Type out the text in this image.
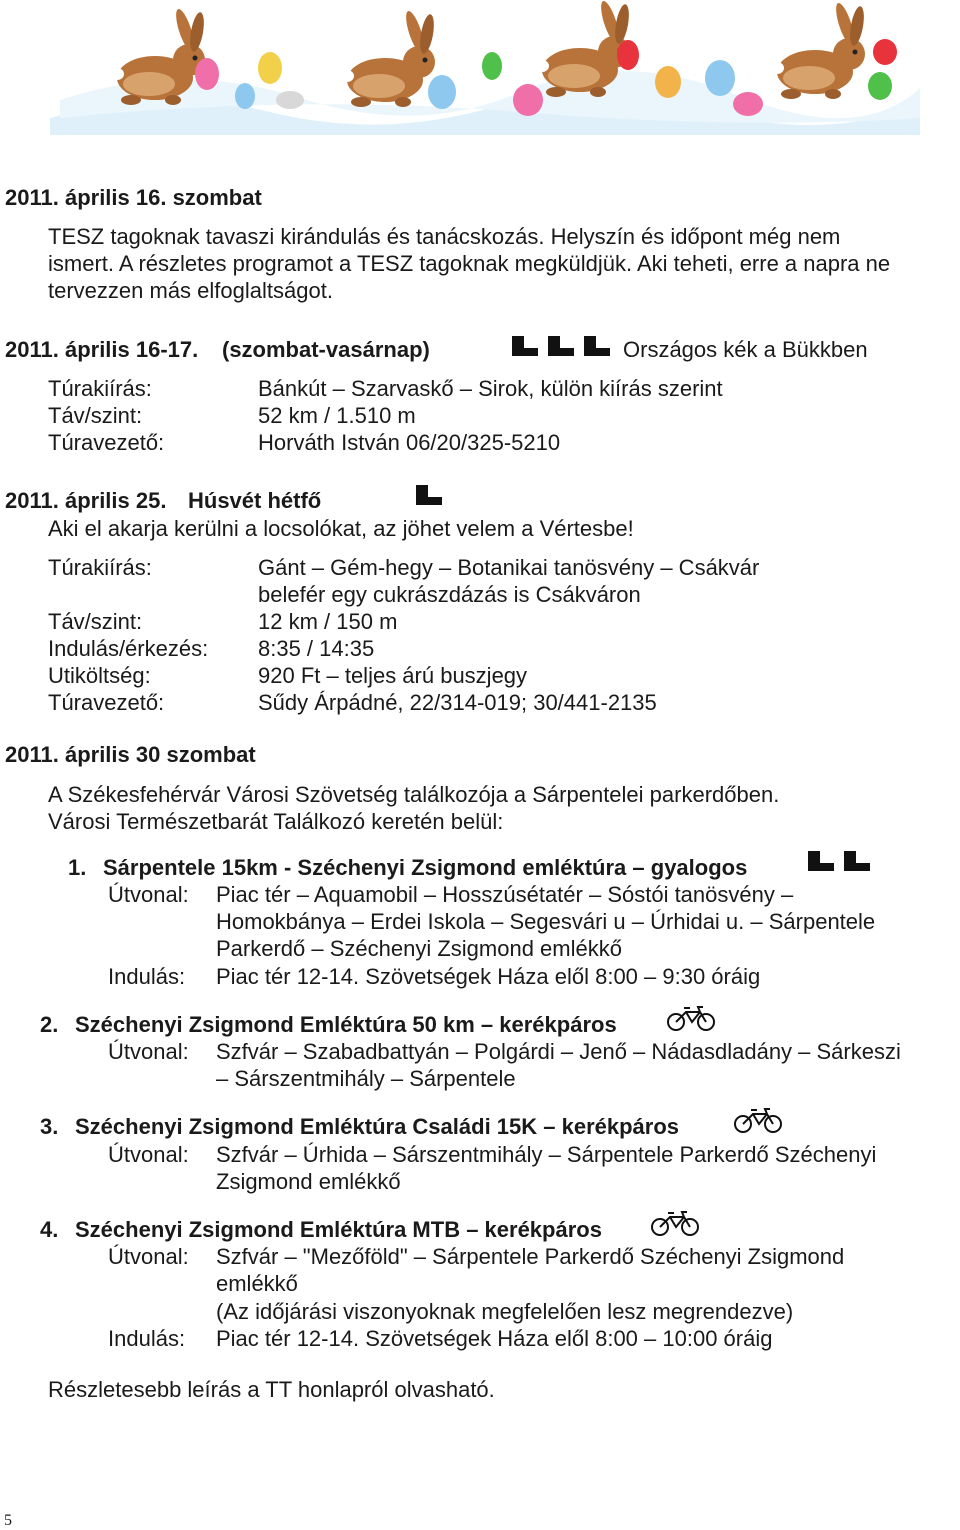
2011. április 16. szombat
TESZ tagoknak tavaszi kirándulás és tanácskozás. Helyszín és időpont még nem
ismert. A részletes programot a TESZ tagoknak megküldjük. Aki teheti, erre a napra ne
tervezzen más elfoglaltságot.
2011. április 16-17. (szombat-vasárnap)	Országos kék a Bükkben
Túrakiírás:	Bánkút – Szarvaskő – Sirok, külön kiírás szerint
Táv/szint:	52 km / 1.510 m
Túravezető:	Horváth István 06/20/325-5210
2011. április 25. Húsvét hétfő
Aki el akarja kerülni a locsolókat, az jöhet velem a Vértesbe!
Túrakiírás:	Gánt – Gém-hegy – Botanikai tanösvény – Csákvár
belefér egy cukrászdázás is Csákváron
Táv/szint:	12 km / 150 m
Indulás/érkezés: 8:35 / 14:35
Utiköltség:	920 Ft – teljes árú buszjegy
Túravezető:	Sűdy Árpádné, 22/314-019; 30/441-2135
2011. április 30 szombat
A Székesfehérvár Városi Szövetség találkozója a Sárpentelei parkerdőben.
Városi Természetbarát Találkozó keretén belül:
1. Sárpentele 15km - Széchenyi Zsigmond emléktúra – gyalogos
Útvonal: Piac tér – Aquamobil – Hosszúsétatér – Sóstói tanösvény –
Homokbánya – Erdei Iskola – Segesvári u – Úrhidai u. – Sárpentele
Parkerdő – Széchenyi Zsigmond emlékkő
Indulás: Piac tér 12-14. Szövetségek Háza elől 8:00 – 9:30 óráig
2. Széchenyi Zsigmond Emléktúra 50 km – kerékpáros
Útvonal: Szfvár – Szabadbattyán – Polgárdi – Jenő – Nádasdladány – Sárkeszi
– Sárszentmihály – Sárpentele
3. Széchenyi Zsigmond Emléktúra Családi 15K – kerékpáros
Útvonal: Szfvár – Úrhida – Sárszentmihály – Sárpentele Parkerdő Széchenyi
Zsigmond emlékkő
4. Széchenyi Zsigmond Emléktúra MTB – kerékpáros
Útvonal: Szfvár – "Mezőföld" – Sárpentele Parkerdő Széchenyi Zsigmond
emlékkő
(Az időjárási viszonyoknak megfelelően lesz megrendezve)
Indulás: Piac tér 12-14. Szövetségek Háza elől 8:00 – 10:00 óráig
Részletesebb leírás a TT honlapról olvasható.
5
